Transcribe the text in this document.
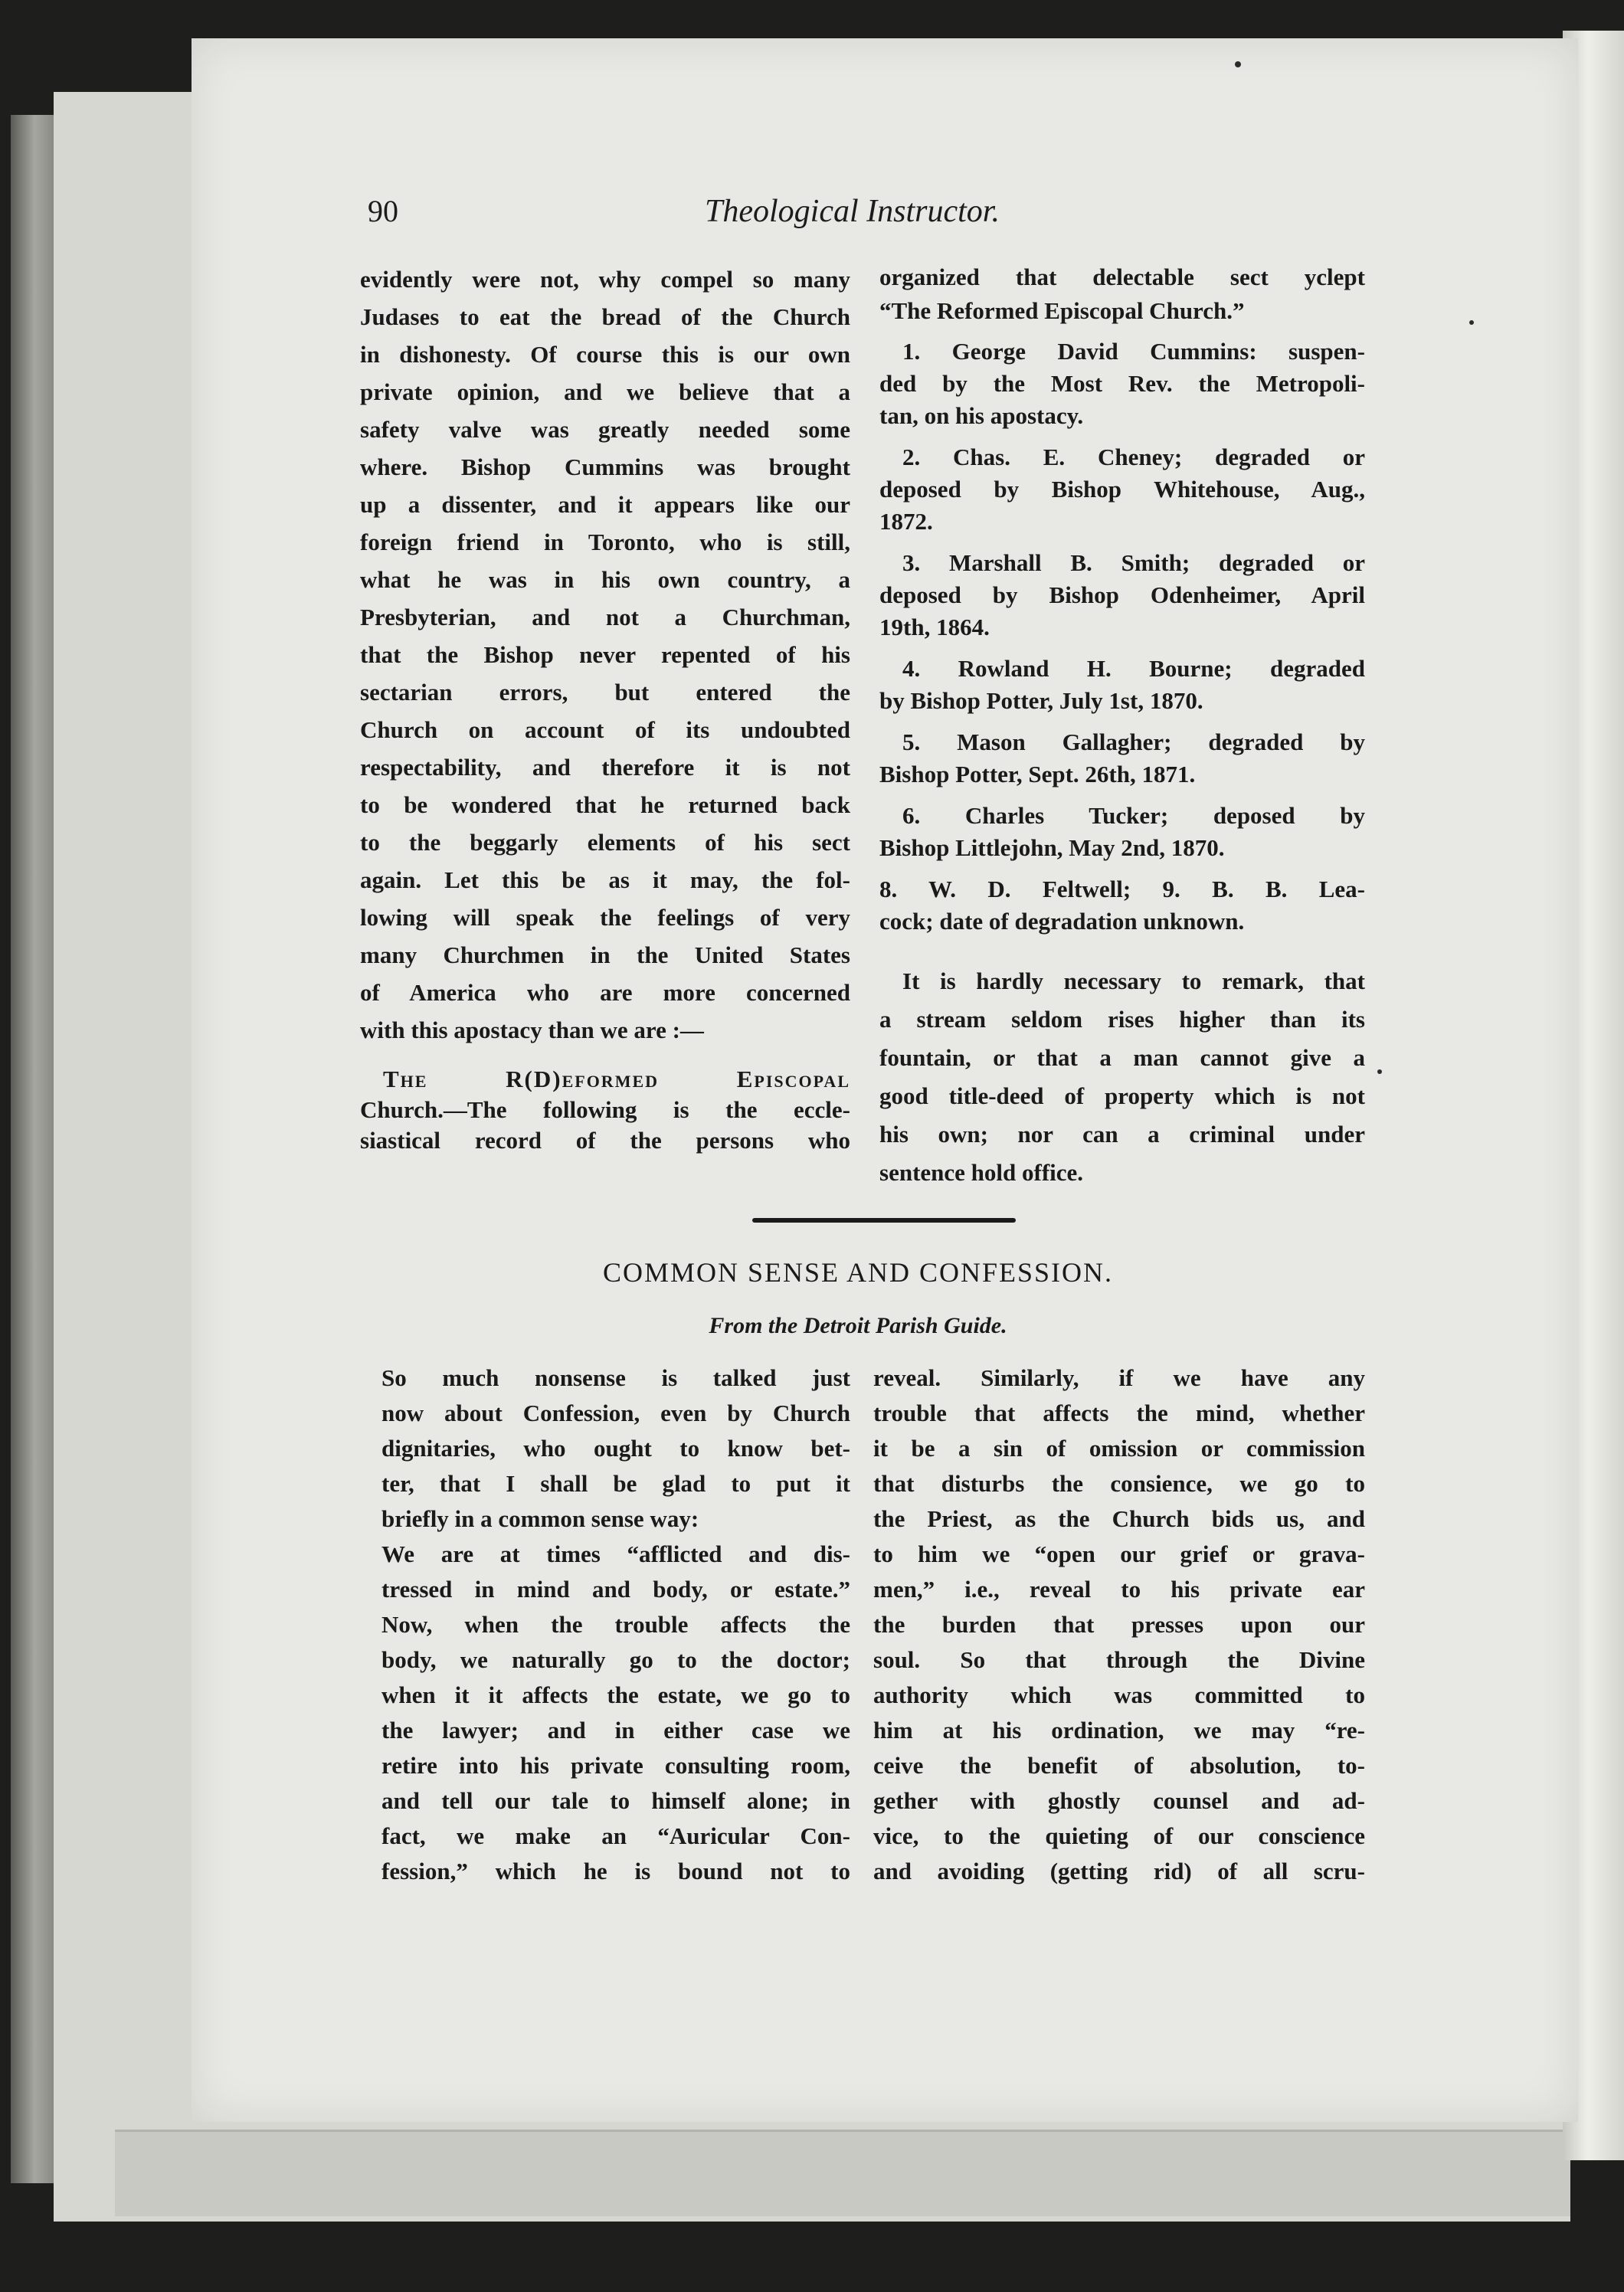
90	Theological Instructor.
evidently were not, why compel so many
Judases to eat the bread of the Church
in dishonesty. Of course this is our own
private opinion, and we believe that a
safety valve was greatly needed some
where. Bishop Cummins was brought
up a dissenter, and it appears like our
foreign friend in Toronto, who is still,
what he was in his own country, a
Presbyterian, and not a Churchman,
that the Bishop never repented of his
sectarian errors, but entered the
Church on account of its undoubted
respectability, and therefore it is not
to be wondered that he returned back
to the beggarly elements of his sect
again. Let this be as it may, the fol-
lowing will speak the feelings of very
many Churchmen in the United States
of America who are more concerned
with this apostacy than we are :—
The R(D)eformed Episcopal
Church.—The following is the eccle-
siastical record of the persons who
organized that delectable sect yclept
“The Reformed Episcopal Church.”
1. George David Cummins: suspen-
ded by the Most Rev. the Metropoli-
tan, on his apostacy.
2. Chas. E. Cheney; degraded or
deposed by Bishop Whitehouse, Aug.,
1872.
3. Marshall B. Smith; degraded or
deposed by Bishop Odenheimer, April
19th, 1864.
4. Rowland H. Bourne; degraded
by Bishop Potter, July 1st, 1870.
5. Mason Gallagher; degraded by
Bishop Potter, Sept. 26th, 1871.
6. Charles Tucker; deposed by
Bishop Littlejohn, May 2nd, 1870.
8. W. D. Feltwell; 9. B. B. Lea-
cock; date of degradation unknown.
It is hardly necessary to remark, that
a stream seldom rises higher than its
fountain, or that a man cannot give a
good title-deed of property which is not
his own; nor can a criminal under
sentence hold office.
COMMON SENSE AND CONFESSION.
From the Detroit Parish Guide.
So much nonsense is talked just
now about Confession, even by Church
dignitaries, who ought to know bet-
ter, that I shall be glad to put it
briefly in a common sense way:
We are at times “afflicted and dis-
tressed in mind and body, or estate.”
Now, when the trouble affects the
body, we naturally go to the doctor;
when it it affects the estate, we go to
the lawyer; and in either case we
retire into his private consulting room,
and tell our tale to himself alone; in
fact, we make an “Auricular Con-
fession,” which he is bound not to
reveal. Similarly, if we have any
trouble that affects the mind, whether
it be a sin of omission or commission
that disturbs the consience, we go to
the Priest, as the Church bids us, and
to him we “open our grief or grava-
men,” i.e., reveal to his private ear
the burden that presses upon our
soul. So that through the Divine
authority which was committed to
him at his ordination, we may “re-
ceive the benefit of absolution, to-
gether with ghostly counsel and ad-
vice, to the quieting of our conscience
and avoiding (getting rid) of all scru-
